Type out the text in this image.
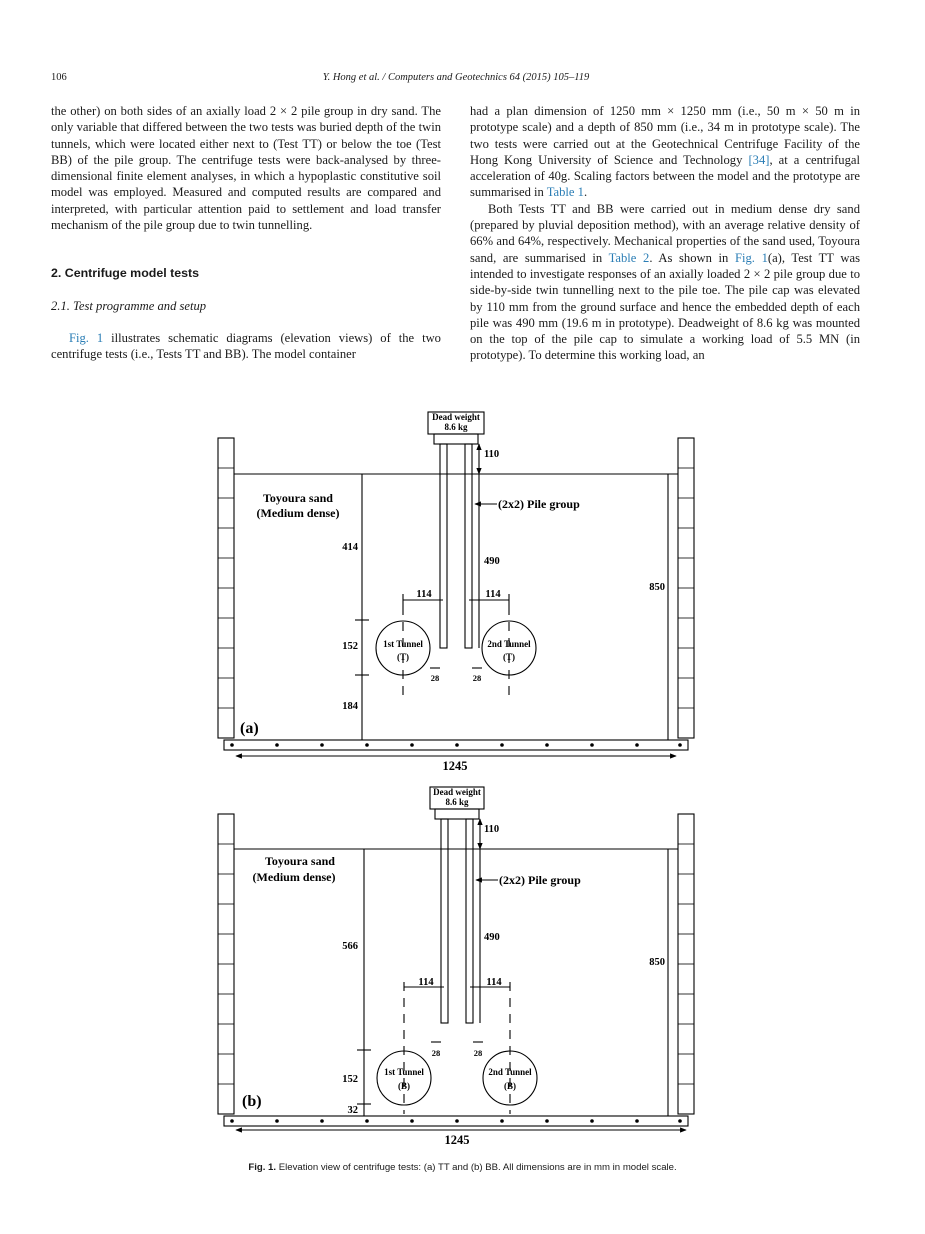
106	Y. Hong et al. / Computers and Geotechnics 64 (2015) 105–119

the other) on both sides of an axially load 2 × 2 pile group in dry sand. The only variable that differed between the two tests was buried depth of the twin tunnels, which were located either next to (Test TT) or below the toe (Test BB) of the pile group. The centrifuge tests were back-analysed by three-dimensional finite element analyses, in which a hypoplastic constitutive soil model was employed. Measured and computed results are compared and interpreted, with particular attention paid to settlement and load transfer mechanism of the pile group due to twin tunnelling.

2. Centrifuge model tests

2.1. Test programme and setup

Fig. 1 illustrates schematic diagrams (elevation views) of the two centrifuge tests (i.e., Tests TT and BB). The model container

had a plan dimension of 1250 mm × 1250 mm (i.e., 50 m × 50 m in prototype scale) and a depth of 850 mm (i.e., 34 m in prototype scale). The two tests were carried out at the Geotechnical Centrifuge Facility of the Hong Kong University of Science and Technology [34], at a centrifugal acceleration of 40g. Scaling factors between the model and the prototype are summarised in Table 1.

Both Tests TT and BB were carried out in medium dense dry sand (prepared by pluvial deposition method), with an average relative density of 66% and 64%, respectively. Mechanical properties of the sand used, Toyoura sand, are summarised in Table 2. As shown in Fig. 1(a), Test TT was intended to investigate responses of an axially loaded 2 × 2 pile group due to side-by-side twin tunnelling next to the pile toe. The pile cap was elevated by 110 mm from the ground surface and hence the embedded depth of each pile was 490 mm (19.6 m in prototype). Deadweight of 8.6 kg was mounted on the top of the pile cap to simulate a working load of 5.5 MN (in prototype). To determine this working load, an

Dead weight
8.6 kg
Toyoura sand
(Medium dense)
(2x2) Pile group
110
414
490
850
114	114
152
184
28	28
1st Tunnel
(T)
2nd Tunnel
(T)
(a)
1245
Dead weight
8.6 kg
Toyoura sand
(Medium dense)	(2x2) Pile group
110
566
490
850
114	114
152
32
28	28
1st Tunnel
(B)
2nd Tunnel
(B)
(b)
1245
Fig. 1. Elevation view of centrifuge tests: (a) TT and (b) BB. All dimensions are in mm in model scale.
